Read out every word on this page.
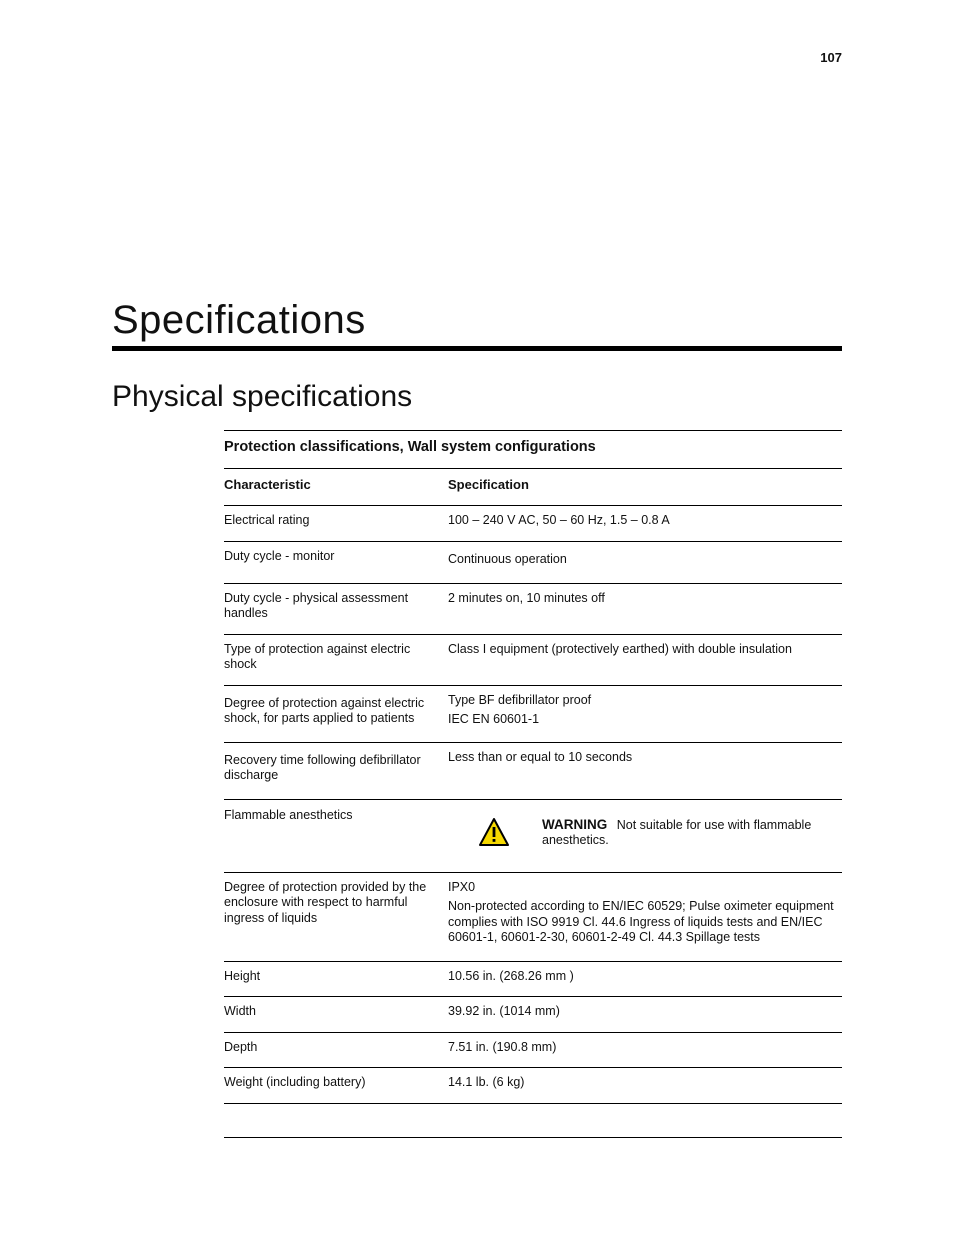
107
Specifications
Physical specifications
Protection classifications, Wall system configurations	
Characteristic	Specification
Electrical rating	100 – 240 V AC, 50 – 60 Hz, 1.5 – 0.8 A

Duty cycle - monitor	Continuous operation

Duty cycle - physical assessment handles	2 minutes on, 10 minutes off

Type of protection against electric shock	Class I equipment (protectively earthed) with double insulation

Degree of protection against electric shock, for parts applied to patients	Type BF defibrillator proof
IEC EN 60601-1

Recovery time following defibrillator discharge	Less than or equal to 10 seconds

Flammable anesthetics	WARNING Not suitable for use with flammable anesthetics.

Degree of protection provided by the enclosure with respect to harmful ingress of liquids	IPX0
Non-protected according to EN/IEC 60529; Pulse oximeter equipment complies with ISO 9919 Cl. 44.6 Ingress of liquids tests and EN/IEC 60601-1, 60601-2-30, 60601-2-49 Cl. 44.3 Spillage tests

Height	10.56 in. (268.26 mm )

Width	39.92 in. (1014 mm)

Depth	7.51 in. (190.8 mm)

Weight (including battery)	14.1 lb. (6 kg)
